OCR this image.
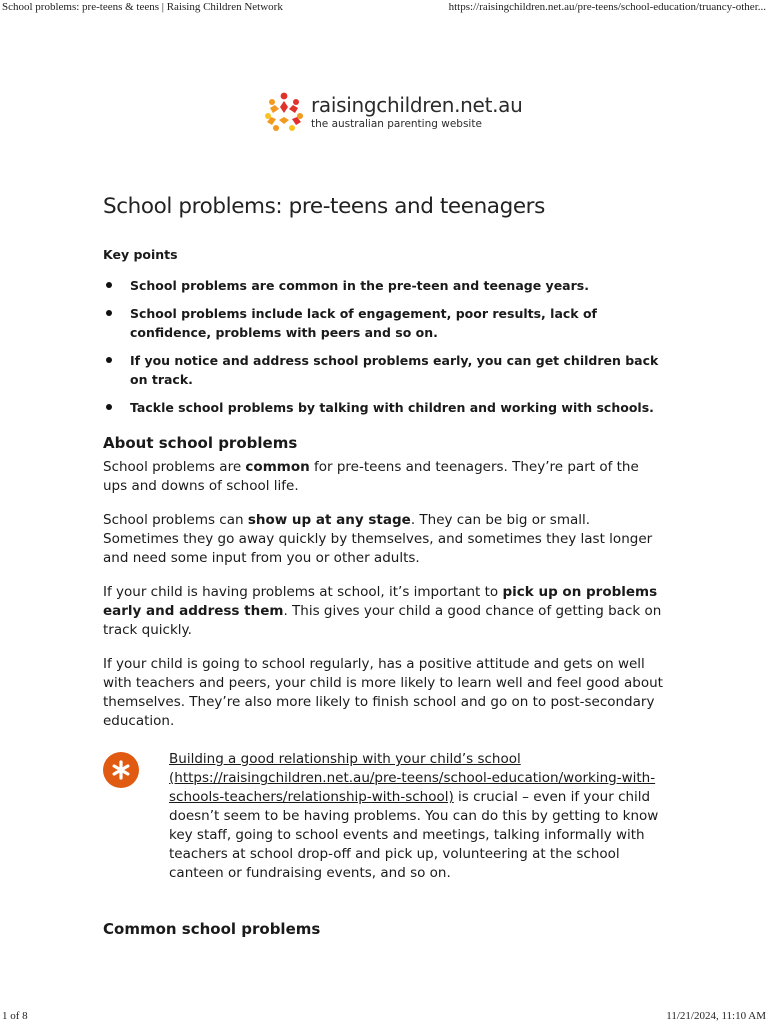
School problems: pre-teens & teens | Raising Children Network	https://raisingchildren.net.au/pre-teens/school-education/truancy-other...
raisingchildren.net.au
the australian parenting website
School problems: pre-teens and teenagers
Key points
School problems are common in the pre-teen and teenage years.
School problems include lack of engagement, poor results, lack of confidence, problems with peers and so on.
If you notice and address school problems early, you can get children back on track.
Tackle school problems by talking with children and working with schools.
About school problems

School problems are common for pre-teens and teenagers. They’re part of the ups and downs of school life.

School problems can show up at any stage. They can be big or small. Sometimes they go away quickly by themselves, and sometimes they last longer and need some input from you or other adults.

If your child is having problems at school, it’s important to pick up on problems early and address them. This gives your child a good chance of getting back on track quickly.

If your child is going to school regularly, has a positive attitude and gets on well with teachers and peers, your child is more likely to learn well and feel good about themselves. They’re also more likely to finish school and go on to post-secondary education.

Building a good relationship with your child’s school (https://raisingchildren.net.au/pre-teens/school-education/working-with-schools-teachers/relationship-with-school) is crucial – even if your child doesn’t seem to be having problems. You can do this by getting to know key staff, going to school events and meetings, talking informally with teachers at school drop-off and pick up, volunteering at the school canteen or fundraising events, and so on.

Common school problems
1 of 8	11/21/2024, 11:10 AM
